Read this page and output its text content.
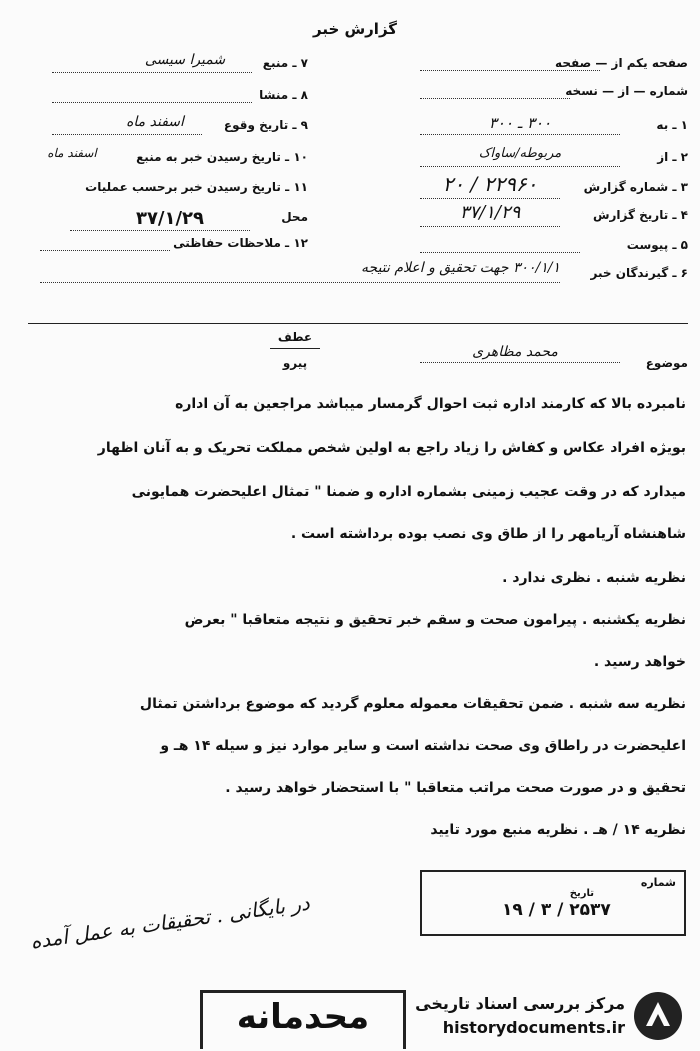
گزارش خبر
صفحه یکم از — صفحه
شماره — از — نسخه
۱ ـ به
۳۰۰ ـ ۳۰۰
۲ ـ از
مربوطه/ساواک
۳ ـ شماره گزارش
۲۲۹۶۰ / ۲۰
۴ ـ تاریخ گزارش
۳۷/۱/۲۹
۵ ـ پیوست
۶ ـ گیرندگان خبر
۳۰۰/۱/۱ جهت تحقیق و اعلام نتیجه
۷ ـ منبع
شمیرا سیسی
۸ ـ منشا
۹ ـ تاریخ وقوع
اسفند ماه
۱۰ ـ تاریخ رسیدن خبر به منبع
اسفند ماه
۱۱ ـ تاریخ رسیدن خبر برحسب عملیات
محل
۳۷/۱/۲۹
۱۲ ـ ملاحظات حفاظتی
عطف
پیرو	موضوع
محمد مظاهری
نامبرده بالا که کارمند اداره ثبت احوال گرمسار میباشد مراجعین به آن اداره
بویژه افراد عکاس و کفاش را زیاد راجع به اولین شخص مملکت تحریک و به آنان اظهار
میدارد که در وقت عجیب زمینی بشماره اداره و ضمنا " تمثال اعلیحضرت همایونی
شاهنشاه آریامهر را از طاق وی نصب بوده برداشته است .
نظریه شنبه . نظری ندارد .
نظریه یکشنبه . پیرامون صحت و سقم خبر تحقیق و نتیجه متعاقبا " بعرض
خواهد رسید .
نظریه سه شنبه . ضمن تحقیقات معموله معلوم گردید که موضوع برداشتن تمثال
اعلیحضرت در راطاق وی صحت نداشته است و سایر موارد نیز و سیله ۱۴ هـ و
تحقیق و در صورت صحت مراتب متعاقبا " با استحضار خواهد رسید .
نظریه ۱۴ / هـ . نظریه منبع مورد تایید
در بایگانی . تحقیقات به عمل آمده
شماره
تاریخ
۲۵۳۷ / ۳ / ۱۹
محدمانه	مرکز بررسی اسناد تاریخی
historydocuments.ir
